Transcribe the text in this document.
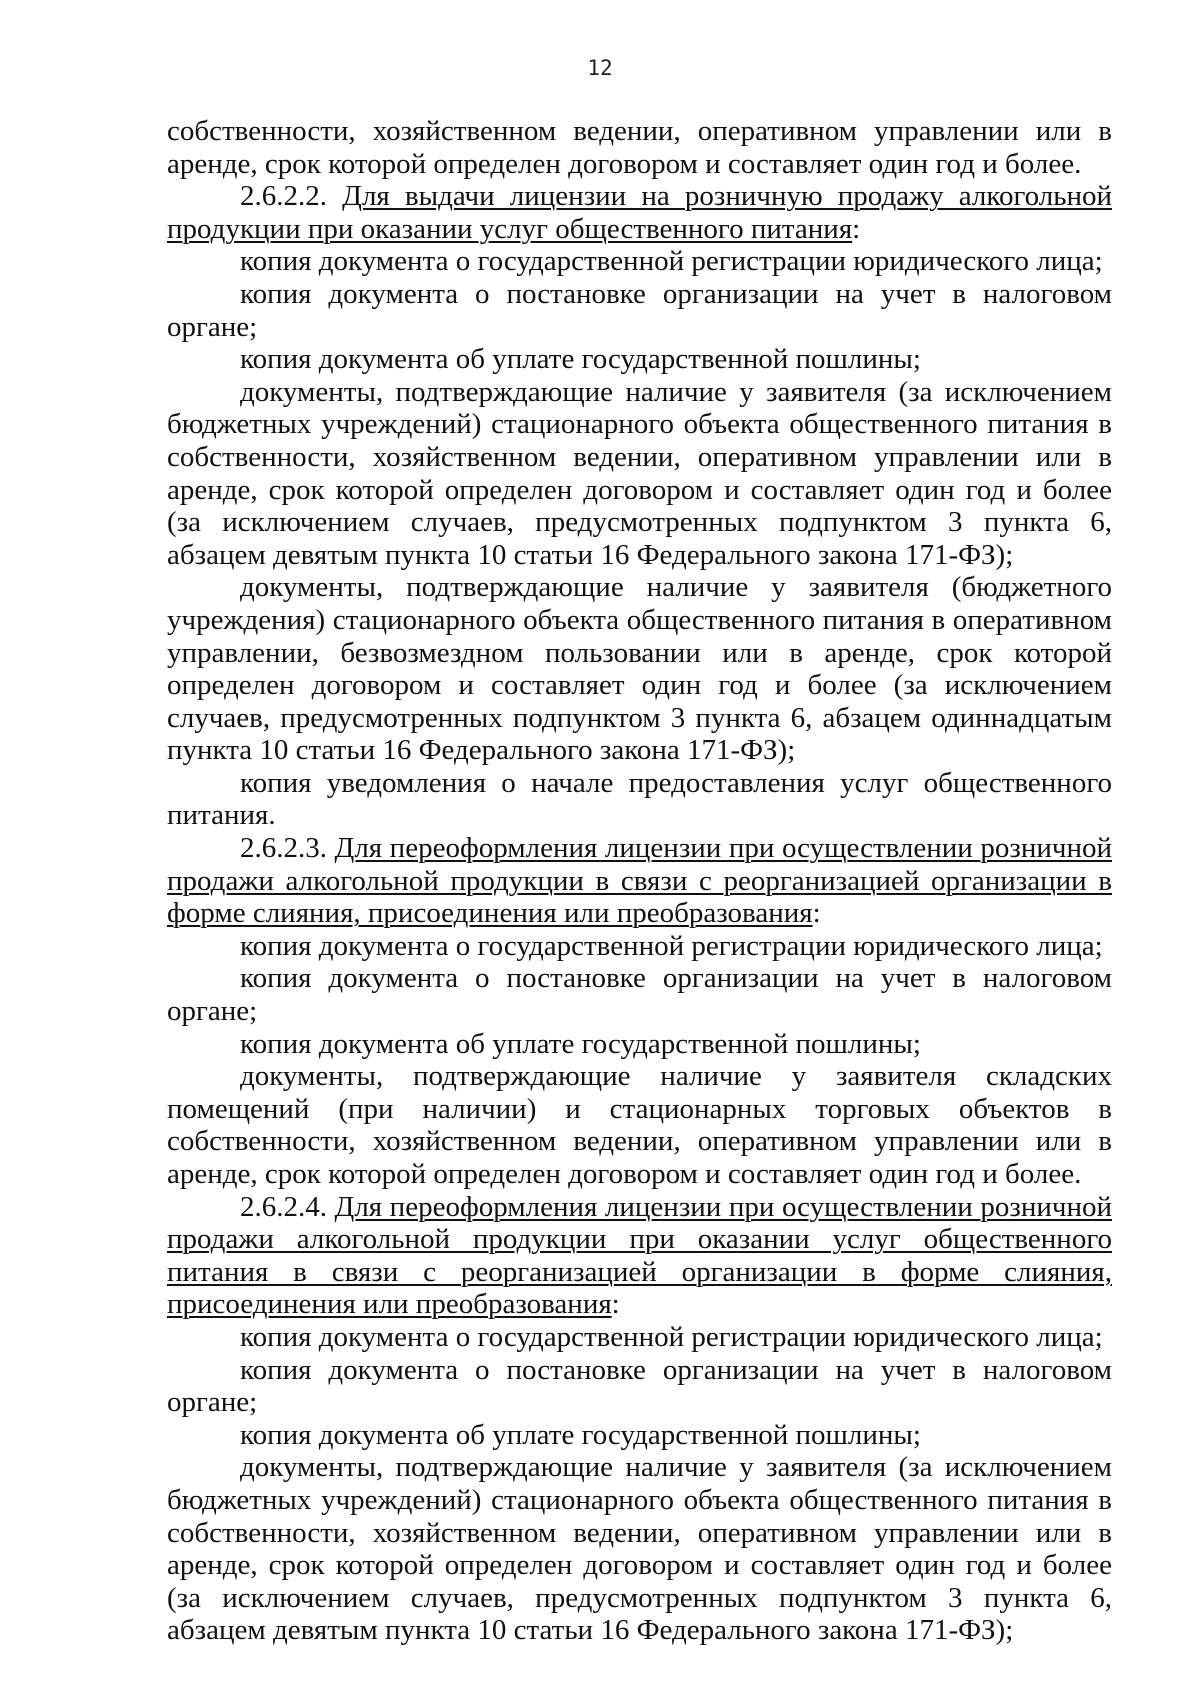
12

собственности, хозяйственном ведении, оперативном управлении или в аренде, срок которой определен договором и составляет один год и более.

2.6.2.2. Для выдачи лицензии на розничную продажу алкогольной продукции при оказании услуг общественного питания:

копия документа о государственной регистрации юридического лица;

копия документа о постановке организации на учет в налоговом органе;

копия документа об уплате государственной пошлины;

документы, подтверждающие наличие у заявителя (за исключением бюджетных учреждений) стационарного объекта общественного питания в собственности, хозяйственном ведении, оперативном управлении или в аренде, срок которой определен договором и составляет один год и более (за исключением случаев, предусмотренных подпунктом 3 пункта 6, абзацем девятым пункта 10 статьи 16 Федерального закона 171-ФЗ);

документы, подтверждающие наличие у заявителя (бюджетного учреждения) стационарного объекта общественного питания в оперативном управлении, безвозмездном пользовании или в аренде, срок которой определен договором и составляет один год и более (за исключением случаев, предусмотренных подпунктом 3 пункта 6, абзацем одиннадцатым пункта 10 статьи 16 Федерального закона 171-ФЗ);

копия уведомления о начале предоставления услуг общественного питания.

2.6.2.3. Для переоформления лицензии при осуществлении розничной продажи алкогольной продукции в связи с реорганизацией организации в форме слияния, присоединения или преобразования:

копия документа о государственной регистрации юридического лица;

копия документа о постановке организации на учет в налоговом органе;

копия документа об уплате государственной пошлины;

документы, подтверждающие наличие у заявителя складских помещений (при наличии) и стационарных торговых объектов в собственности, хозяйственном ведении, оперативном управлении или в аренде, срок которой определен договором и составляет один год и более.

2.6.2.4. Для переоформления лицензии при осуществлении розничной продажи алкогольной продукции при оказании услуг общественного питания в связи с реорганизацией организации в форме слияния, присоединения или преобразования:

копия документа о государственной регистрации юридического лица;

копия документа о постановке организации на учет в налоговом органе;

копия документа об уплате государственной пошлины;

документы, подтверждающие наличие у заявителя (за исключением бюджетных учреждений) стационарного объекта общественного питания в собственности, хозяйственном ведении, оперативном управлении или в аренде, срок которой определен договором и составляет один год и более (за исключением случаев, предусмотренных подпунктом 3 пункта 6, абзацем девятым пункта 10 статьи 16 Федерального закона 171-ФЗ);
